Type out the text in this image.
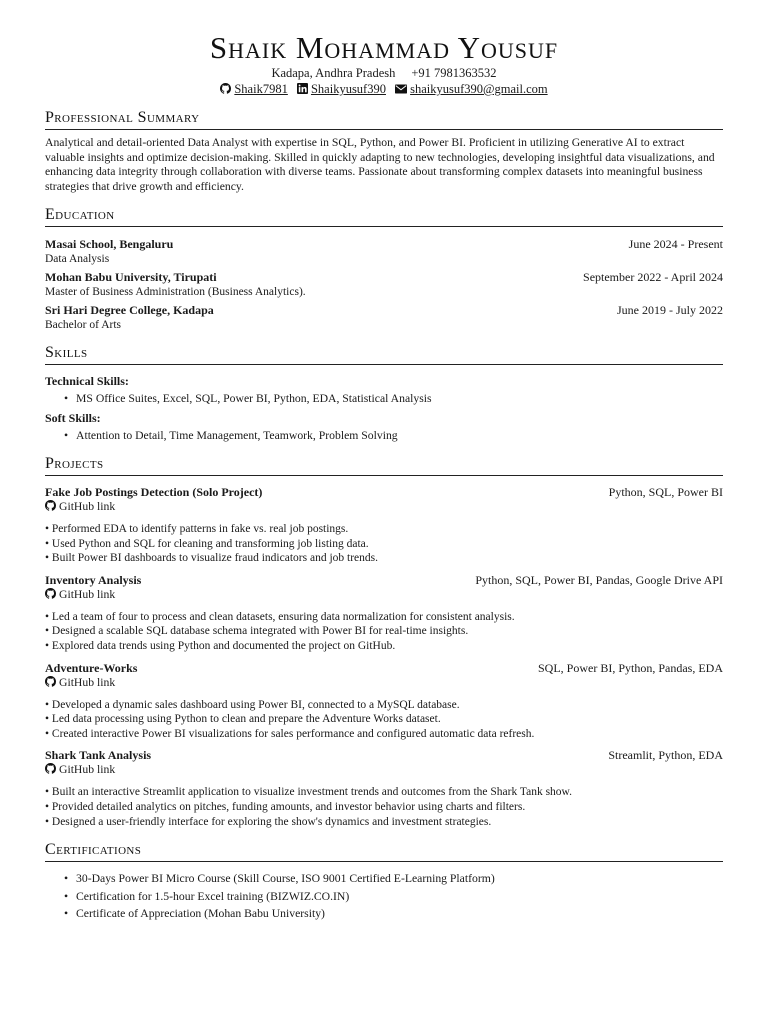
Shaik Mohammad Yousuf
Kadapa, Andhra Pradesh +91 7981363532
Shaik7981 Shaikyusuf390 shaikyusuf390@gmail.com
Professional Summary
Analytical and detail-oriented Data Analyst with expertise in SQL, Python, and Power BI. Proficient in utilizing Generative AI to extract valuable insights and optimize decision-making. Skilled in quickly adapting to new technologies, developing insightful data visualizations, and enhancing data integrity through collaboration with diverse teams. Passionate about transforming complex datasets into meaningful business strategies that drive growth and efficiency.
Education
Masai School, Bengaluru	June 2024 - Present
Data Analysis
Mohan Babu University, Tirupati	September 2022 - April 2024
Master of Business Administration (Business Analytics).
Sri Hari Degree College, Kadapa	June 2019 - July 2022
Bachelor of Arts
Skills
Technical Skills:
• MS Office Suites, Excel, SQL, Power BI, Python, EDA, Statistical Analysis
Soft Skills:
• Attention to Detail, Time Management, Teamwork, Problem Solving
Projects
Fake Job Postings Detection (Solo Project)	Python, SQL, Power BI
GitHub link
• Performed EDA to identify patterns in fake vs. real job postings.
• Used Python and SQL for cleaning and transforming job listing data.
• Built Power BI dashboards to visualize fraud indicators and job trends.
Inventory Analysis	Python, SQL, Power BI, Pandas, Google Drive API
GitHub link
• Led a team of four to process and clean datasets, ensuring data normalization for consistent analysis.
• Designed a scalable SQL database schema integrated with Power BI for real-time insights.
• Explored data trends using Python and documented the project on GitHub.
Adventure-Works	SQL, Power BI, Python, Pandas, EDA
GitHub link
• Developed a dynamic sales dashboard using Power BI, connected to a MySQL database.
• Led data processing using Python to clean and prepare the Adventure Works dataset.
• Created interactive Power BI visualizations for sales performance and configured automatic data refresh.
Shark Tank Analysis	Streamlit, Python, EDA
GitHub link
• Built an interactive Streamlit application to visualize investment trends and outcomes from the Shark Tank show.
• Provided detailed analytics on pitches, funding amounts, and investor behavior using charts and filters.
• Designed a user-friendly interface for exploring the show's dynamics and investment strategies.
Certifications
• 30-Days Power BI Micro Course (Skill Course, ISO 9001 Certified E-Learning Platform)
• Certification for 1.5-hour Excel training (BIZWIZ.CO.IN)
• Certificate of Appreciation (Mohan Babu University)
